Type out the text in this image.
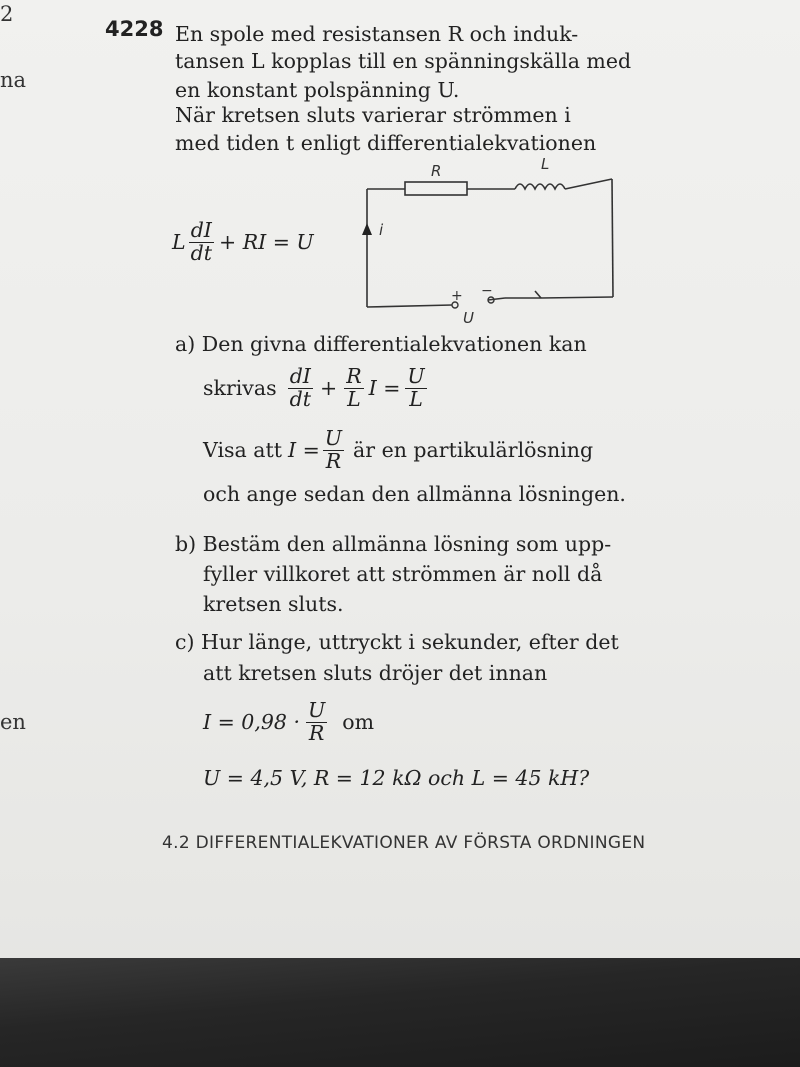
2
na
en
4228 En spole med resistansen R och induk-
tansen L kopplas till en spänningskälla med
en konstant polspänning U.
När kretsen sluts varierar strömmen i
med tiden t enligt differentialekvationen
L $\frac{dI}{dt}$ + RI = U
R	L
i
+ −
U
a) Den givna differentialekvationen kan
skrivas $\frac{dI}{dt} + \frac{R}{L}$ $I = \frac{U}{L}$
Visa att $I = \frac{U}{R}$ är en partikulärlösning
och ange sedan den allmänna lösningen.
b) Bestäm den allmänna lösning som upp-
fyller villkoret att strömmen är noll då
kretsen sluts.
c) Hur länge, uttryckt i sekunder, efter det
att kretsen sluts dröjer det innan
$I = 0,98 \cdot \frac{U}{R}$ om
U = 4,5 V, R = 12 kΩ och L = 45 kH?
4.2 DIFFERENTIALEKVATIONER AV FÖRSTA ORDNINGEN
